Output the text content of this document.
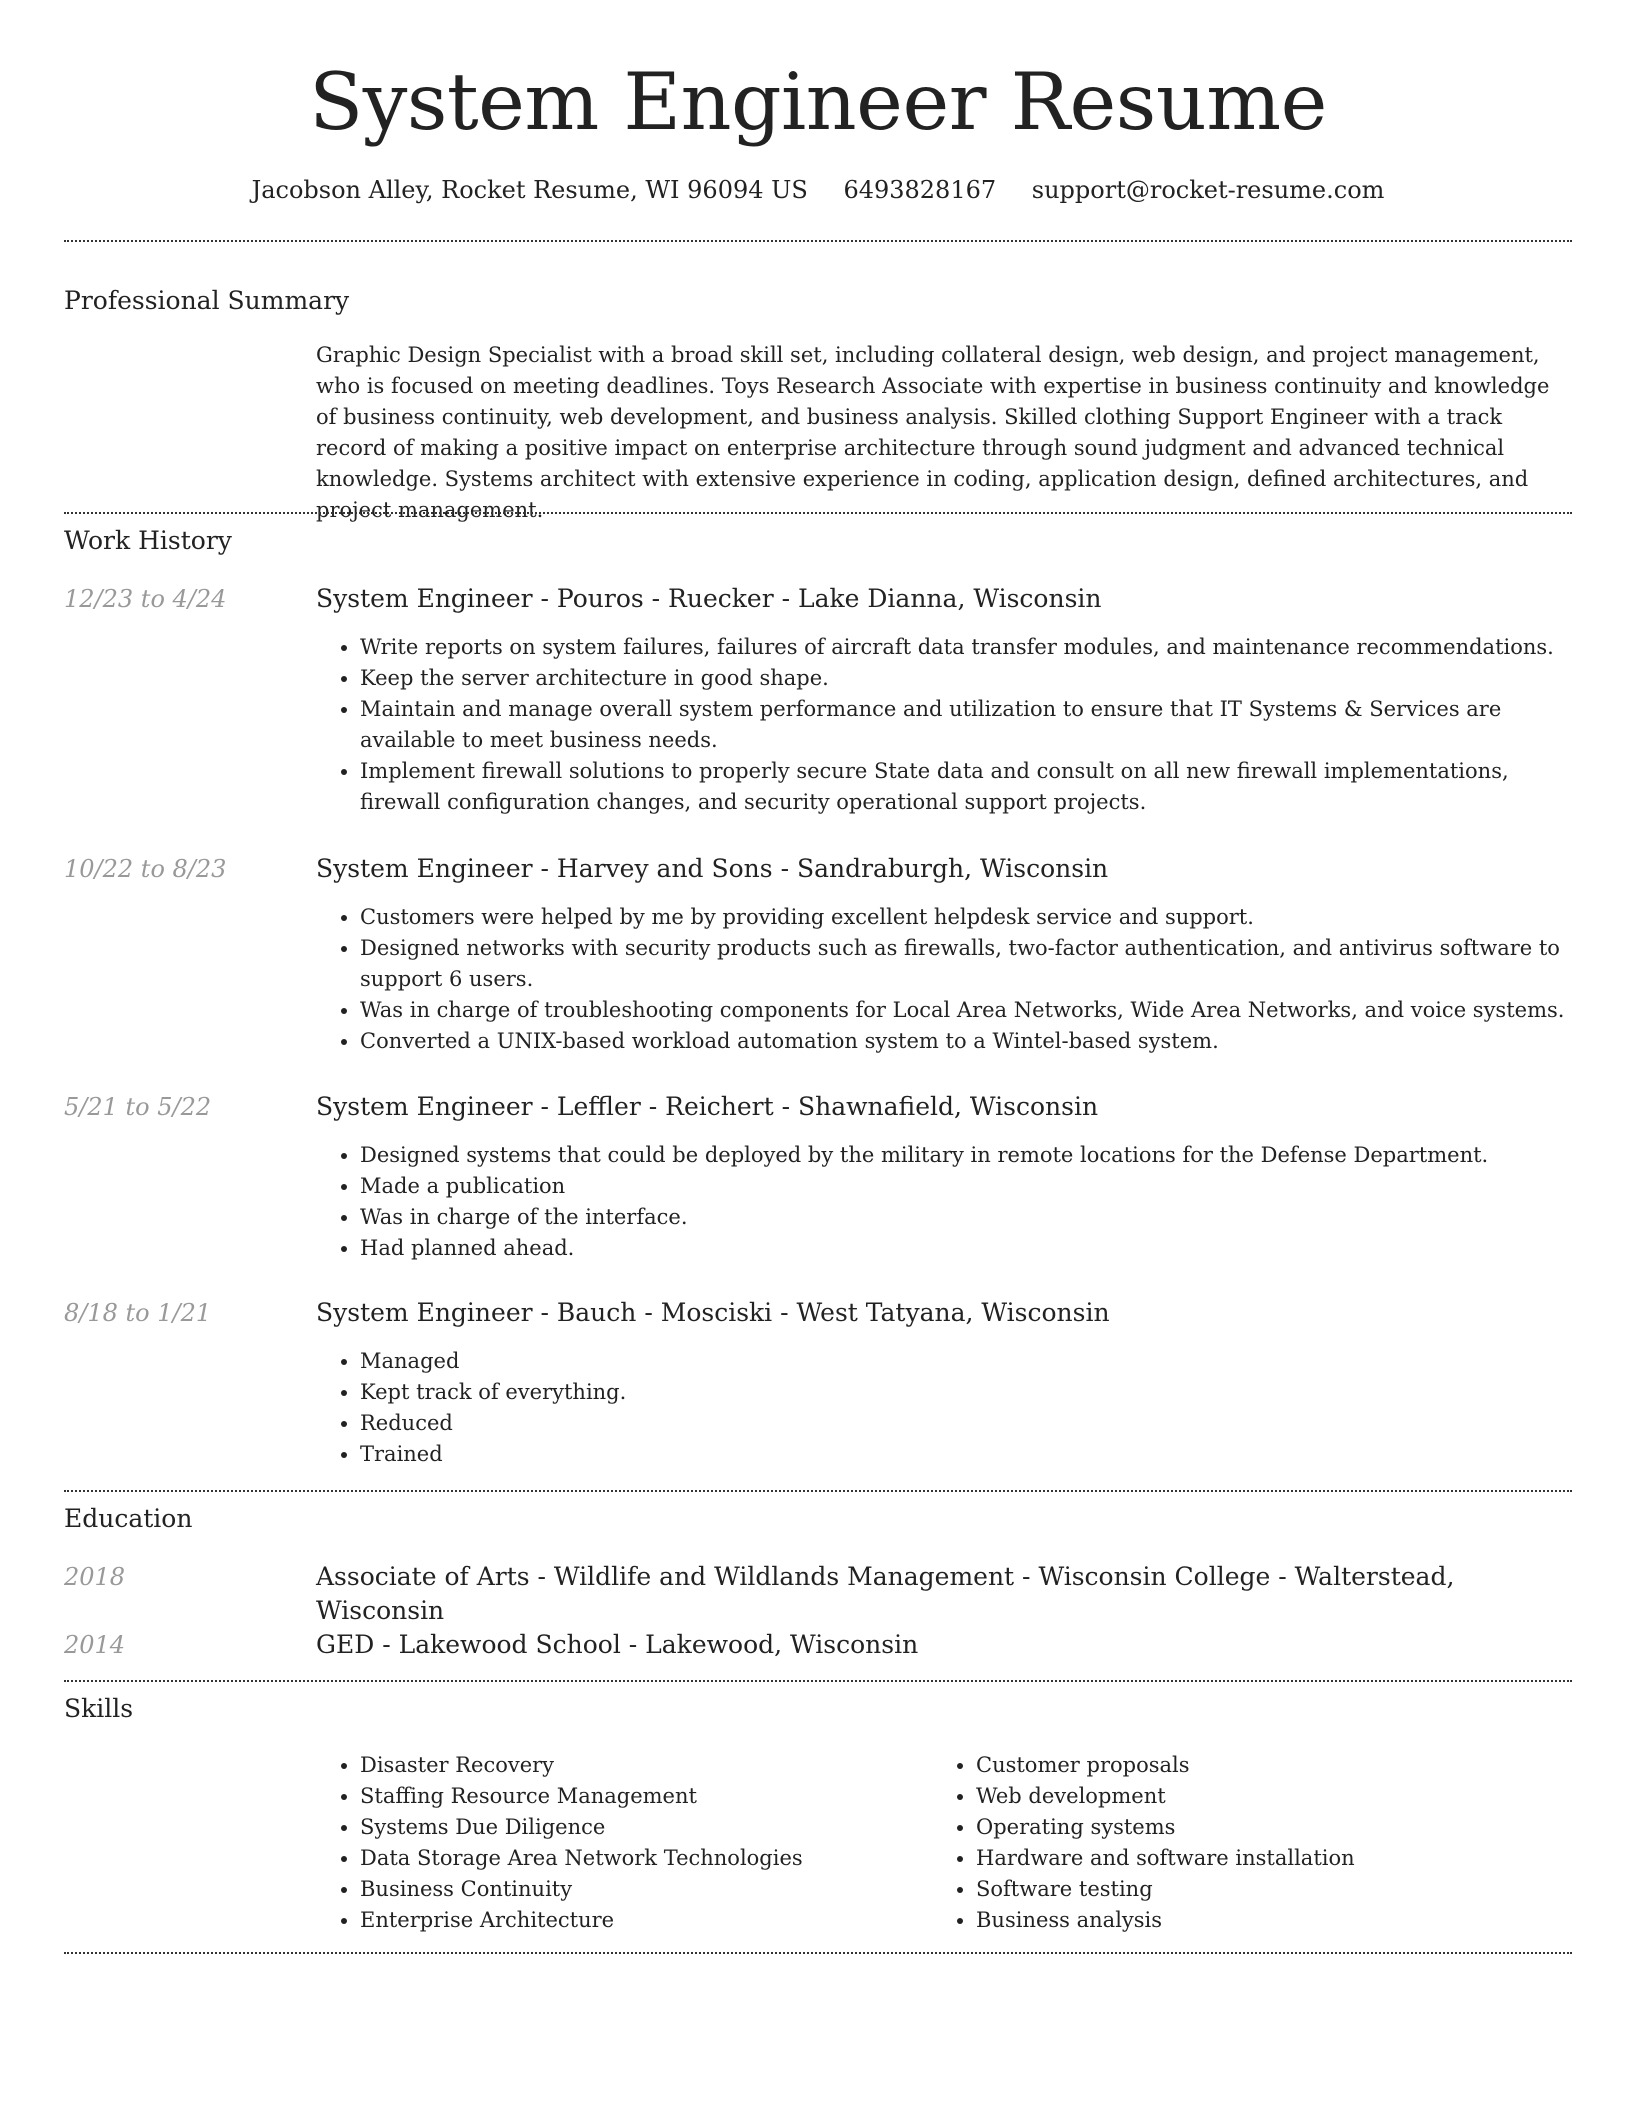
System Engineer Resume
Jacobson Alley, Rocket Resume, WI 96094 US 6493828167 support@rocket-resume.com
Professional Summary
Graphic Design Specialist with a broad skill set, including collateral design, web design, and project management, who is focused on meeting deadlines. Toys Research Associate with expertise in business continuity and knowledge of business continuity, web development, and business analysis. Skilled clothing Support Engineer with a track record of making a positive impact on enterprise architecture through sound judgment and advanced technical knowledge. Systems architect with extensive experience in coding, application design, defined architectures, and project management.
Work History
12/23 to 4/24	System Engineer - Pouros - Ruecker - Lake Dianna, Wisconsin
• Write reports on system failures, failures of aircraft data transfer modules, and maintenance recommendations.
• Keep the server architecture in good shape.
• Maintain and manage overall system performance and utilization to ensure that IT Systems & Services are available to meet business needs.
• Implement firewall solutions to properly secure State data and consult on all new firewall implementations, firewall configuration changes, and security operational support projects.
10/22 to 8/23	System Engineer - Harvey and Sons - Sandraburgh, Wisconsin
• Customers were helped by me by providing excellent helpdesk service and support.
• Designed networks with security products such as firewalls, two-factor authentication, and antivirus software to support 6 users.
• Was in charge of troubleshooting components for Local Area Networks, Wide Area Networks, and voice systems.
• Converted a UNIX-based workload automation system to a Wintel-based system.
5/21 to 5/22	System Engineer - Leffler - Reichert - Shawnafield, Wisconsin
• Designed systems that could be deployed by the military in remote locations for the Defense Department.
• Made a publication
• Was in charge of the interface.
• Had planned ahead.
8/18 to 1/21	System Engineer - Bauch - Mosciski - West Tatyana, Wisconsin
• Managed
• Kept track of everything.
• Reduced
• Trained
Education
2018	Associate of Arts - Wildlife and Wildlands Management - Wisconsin College - Walterstead, Wisconsin
2014	GED - Lakewood School - Lakewood, Wisconsin
Skills
• Disaster Recovery
• Staffing Resource Management
• Systems Due Diligence
• Data Storage Area Network Technologies
• Business Continuity
• Enterprise Architecture
• Customer proposals
• Web development
• Operating systems
• Hardware and software installation
• Software testing
• Business analysis
